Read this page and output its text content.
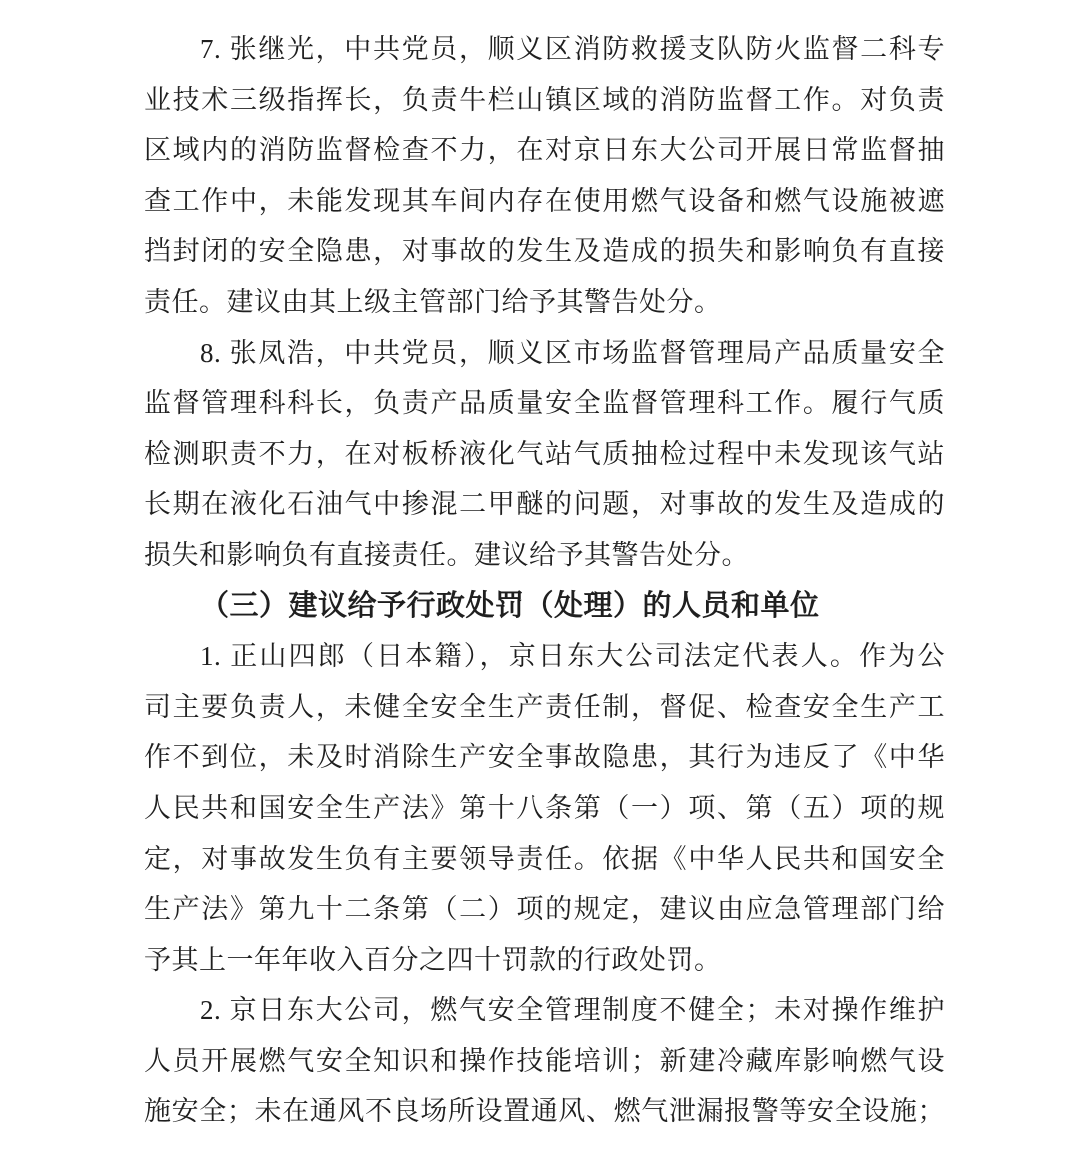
7. 张继光，中共党员，顺义区消防救援支队防火监督二科专
业技术三级指挥长，负责牛栏山镇区域的消防监督工作。对负责
区域内的消防监督检查不力，在对京日东大公司开展日常监督抽
查工作中，未能发现其车间内存在使用燃气设备和燃气设施被遮
挡封闭的安全隐患，对事故的发生及造成的损失和影响负有直接
责任。建议由其上级主管部门给予其警告处分。
8. 张凤浩，中共党员，顺义区市场监督管理局产品质量安全
监督管理科科长，负责产品质量安全监督管理科工作。履行气质
检测职责不力，在对板桥液化气站气质抽检过程中未发现该气站
长期在液化石油气中掺混二甲醚的问题，对事故的发生及造成的
损失和影响负有直接责任。建议给予其警告处分。
（三）建议给予行政处罚（处理）的人员和单位
1. 正山四郎（日本籍），京日东大公司法定代表人。作为公
司主要负责人，未健全安全生产责任制，督促、检查安全生产工
作不到位，未及时消除生产安全事故隐患，其行为违反了《中华
人民共和国安全生产法》第十八条第（一）项、第（五）项的规
定，对事故发生负有主要领导责任。依据《中华人民共和国安全
生产法》第九十二条第（二）项的规定，建议由应急管理部门给
予其上一年年收入百分之四十罚款的行政处罚。
2. 京日东大公司，燃气安全管理制度不健全；未对操作维护
人员开展燃气安全知识和操作技能培训；新建冷藏库影响燃气设
施安全；未在通风不良场所设置通风、燃气泄漏报警等安全设施；
